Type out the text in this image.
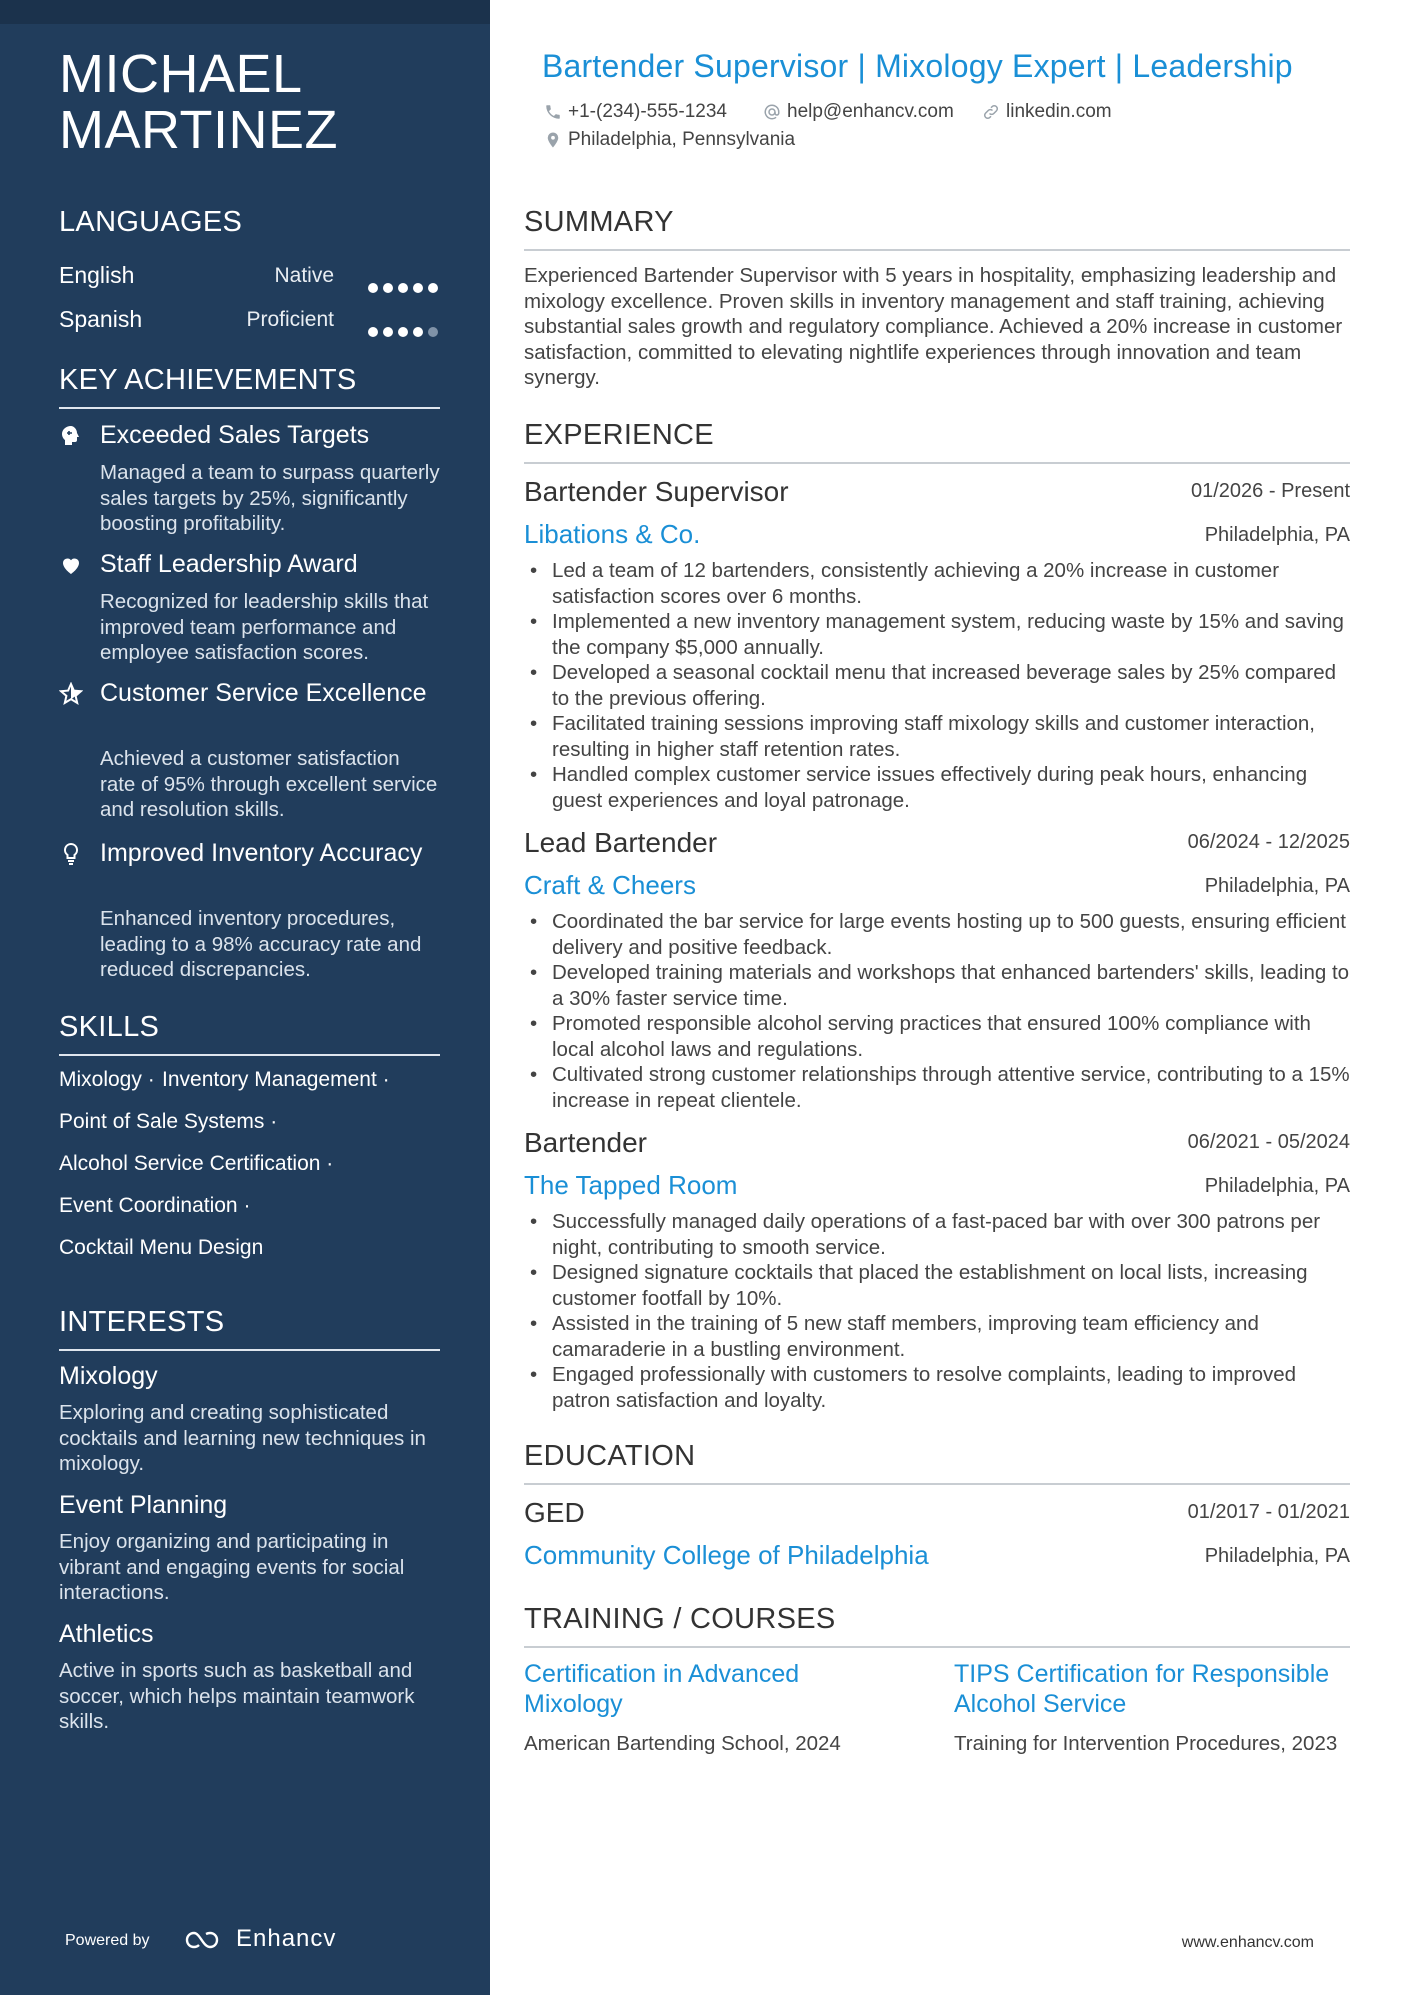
MICHAEL
MARTINEZ
LANGUAGES
English	Native
Spanish	Proficient
KEY ACHIEVEMENTS
Exceeded Sales Targets
Managed a team to surpass quarterly sales targets by 25%, significantly boosting profitability.
Staff Leadership Award
Recognized for leadership skills that improved team performance and employee satisfaction scores.
Customer Service Excellence
Achieved a customer satisfaction rate of 95% through excellent service and resolution skills.
Improved Inventory Accuracy
Enhanced inventory procedures, leading to a 98% accuracy rate and reduced discrepancies.
SKILLS
Mixology · Inventory Management ·
Point of Sale Systems ·
Alcohol Service Certification ·
Event Coordination ·
Cocktail Menu Design
INTERESTS
Mixology
Exploring and creating sophisticated cocktails and learning new techniques in mixology.
Event Planning
Enjoy organizing and participating in vibrant and engaging events for social interactions.
Athletics
Active in sports such as basketball and soccer, which helps maintain teamwork skills.
Powered by	Enhancv
Bartender Supervisor | Mixology Expert | Leadership
+1-(234)-555-1234	help@enhancv.com	linkedin.com
Philadelphia, Pennsylvania
SUMMARY
Experienced Bartender Supervisor with 5 years in hospitality, emphasizing leadership and mixology excellence. Proven skills in inventory management and staff training, achieving substantial sales growth and regulatory compliance. Achieved a 20% increase in customer satisfaction, committed to elevating nightlife experiences through innovation and team synergy.
EXPERIENCE
Bartender Supervisor	01/2026 - Present
Libations & Co.	Philadelphia, PA
• Led a team of 12 bartenders, consistently achieving a 20% increase in customer satisfaction scores over 6 months.
• Implemented a new inventory management system, reducing waste by 15% and saving the company $5,000 annually.
• Developed a seasonal cocktail menu that increased beverage sales by 25% compared to the previous offering.
• Facilitated training sessions improving staff mixology skills and customer interaction, resulting in higher staff retention rates.
• Handled complex customer service issues effectively during peak hours, enhancing guest experiences and loyal patronage.
Lead Bartender	06/2024 - 12/2025
Craft & Cheers	Philadelphia, PA
• Coordinated the bar service for large events hosting up to 500 guests, ensuring efficient delivery and positive feedback.
• Developed training materials and workshops that enhanced bartenders' skills, leading to a 30% faster service time.
• Promoted responsible alcohol serving practices that ensured 100% compliance with local alcohol laws and regulations.
• Cultivated strong customer relationships through attentive service, contributing to a 15% increase in repeat clientele.
Bartender	06/2021 - 05/2024
The Tapped Room	Philadelphia, PA
• Successfully managed daily operations of a fast-paced bar with over 300 patrons per night, contributing to smooth service.
• Designed signature cocktails that placed the establishment on local lists, increasing customer footfall by 10%.
• Assisted in the training of 5 new staff members, improving team efficiency and camaraderie in a bustling environment.
• Engaged professionally with customers to resolve complaints, leading to improved patron satisfaction and loyalty.
EDUCATION
GED	01/2017 - 01/2021
Community College of Philadelphia	Philadelphia, PA
TRAINING / COURSES
Certification in Advanced Mixology
American Bartending School, 2024
TIPS Certification for Responsible Alcohol Service
Training for Intervention Procedures, 2023
www.enhancv.com
